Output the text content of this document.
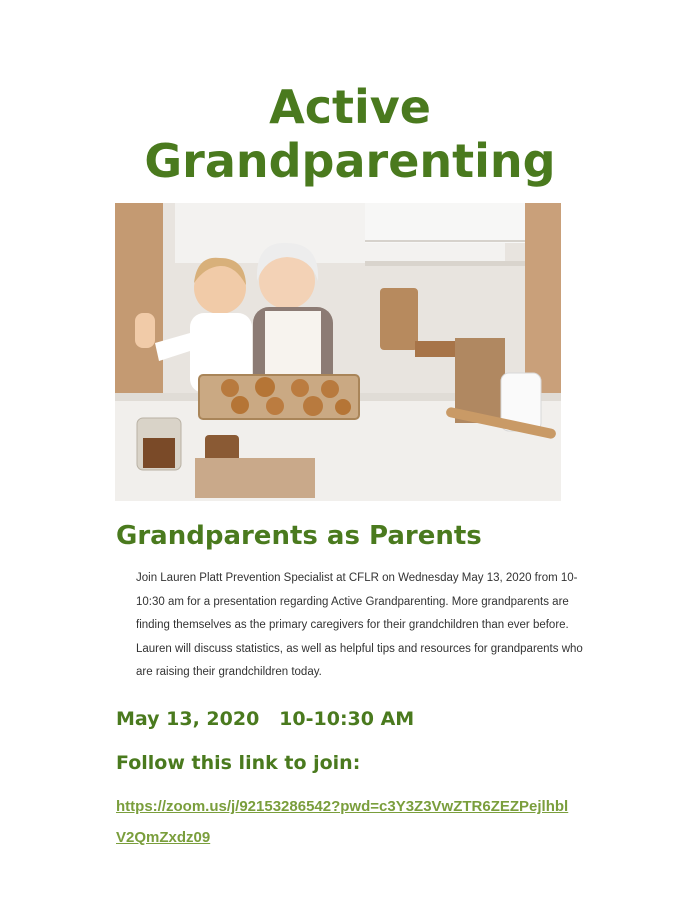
Active
Grandparenting
Grandparents as Parents
Join Lauren Platt Prevention Specialist at CFLR on Wednesday May 13, 2020 from 10-
10:30 am for a presentation regarding Active Grandparenting. More grandparents are
finding themselves as the primary caregivers for their grandchildren than ever before.
Lauren will discuss statistics, as well as helpful tips and resources for grandparents who
are raising their grandchildren today.
May 13, 2020 10-10:30 AM
Follow this link to join:
https://zoom.us/j/92153286542?pwd=c3Y3Z3VwZTR6ZEZPejlhbl
V2QmZxdz09
